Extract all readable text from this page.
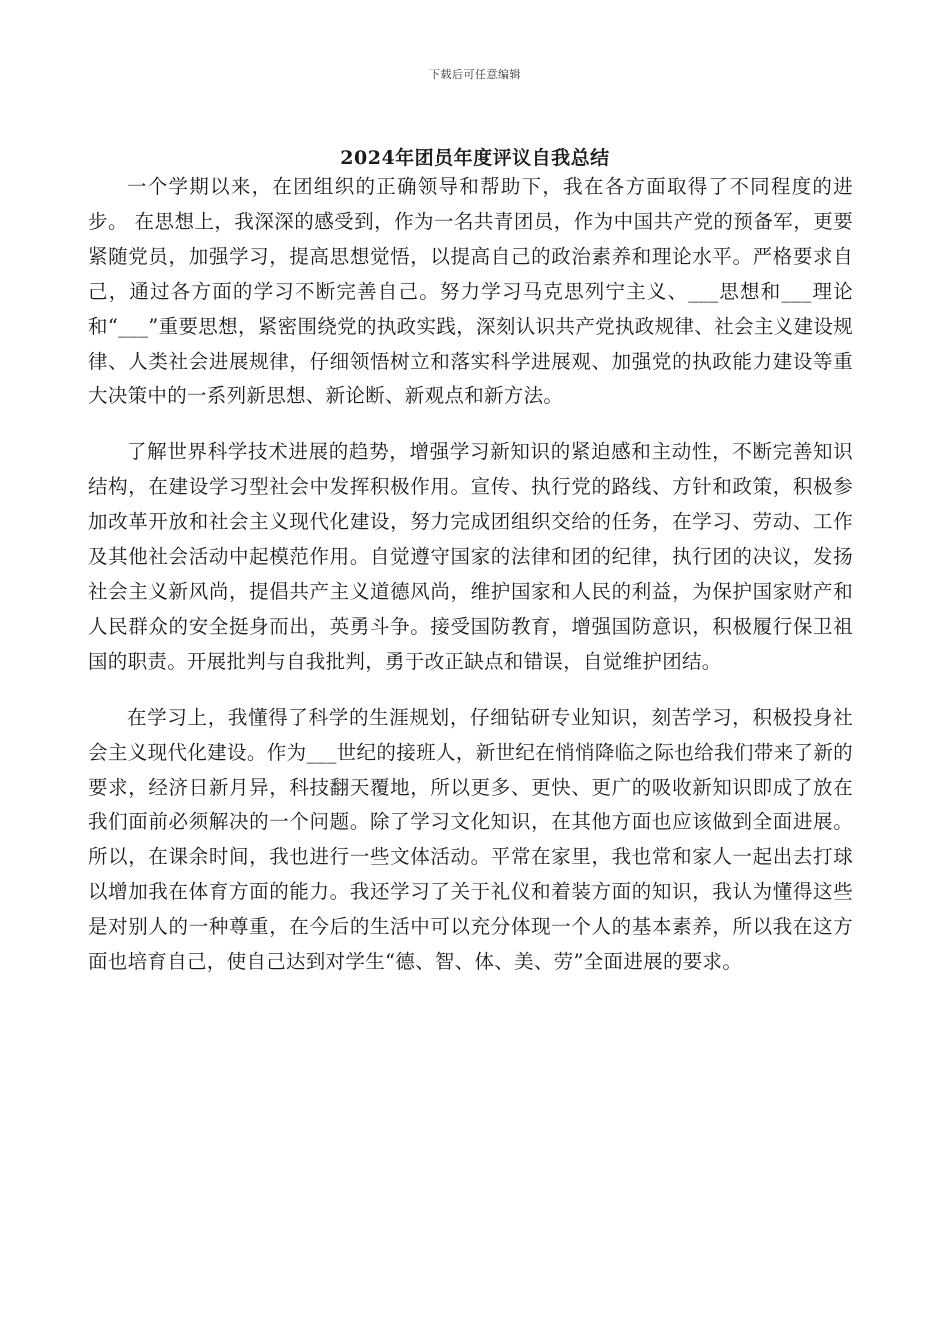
下载后可任意编辑
2024年团员年度评议自我总结

一个学期以来，在团组织的正确领导和帮助下，我在各方面取得了不同程度的进步。 在思想上，我深深的感受到，作为一名共青团员，作为中国共产党的预备军，更要紧随党员，加强学习，提高思想觉悟，以提高自己的政治素养和理论水平。严格要求自己，通过各方面的学习不断完善自己。努力学习马克思列宁主义、___思想和___理论和“___”重要思想，紧密围绕党的执政实践，深刻认识共产党执政规律、社会主义建设规律、人类社会进展规律，仔细领悟树立和落实科学进展观、加强党的执政能力建设等重大决策中的一系列新思想、新论断、新观点和新方法。

了解世界科学技术进展的趋势，增强学习新知识的紧迫感和主动性，不断完善知识结构，在建设学习型社会中发挥积极作用。宣传、执行党的路线、方针和政策，积极参加改革开放和社会主义现代化建设，努力完成团组织交给的任务，在学习、劳动、工作及其他社会活动中起模范作用。自觉遵守国家的法律和团的纪律，执行团的决议，发扬社会主义新风尚，提倡共产主义道德风尚，维护国家和人民的利益，为保护国家财产和人民群众的安全挺身而出，英勇斗争。接受国防教育，增强国防意识，积极履行保卫祖国的职责。开展批判与自我批判，勇于改正缺点和错误，自觉维护团结。

在学习上，我懂得了科学的生涯规划，仔细钻研专业知识，刻苦学习，积极投身社会主义现代化建设。作为___世纪的接班人，新世纪在悄悄降临之际也给我们带来了新的要求，经济日新月异，科技翻天覆地，所以更多、更快、更广的吸收新知识即成了放在我们面前必须解决的一个问题。除了学习文化知识，在其他方面也应该做到全面进展。所以，在课余时间，我也进行一些文体活动。平常在家里，我也常和家人一起出去打球以增加我在体育方面的能力。我还学习了关于礼仪和着装方面的知识，我认为懂得这些是对别人的一种尊重，在今后的生活中可以充分体现一个人的基本素养，所以我在这方面也培育自己，使自己达到对学生“德、智、体、美、劳”全面进展的要求。
